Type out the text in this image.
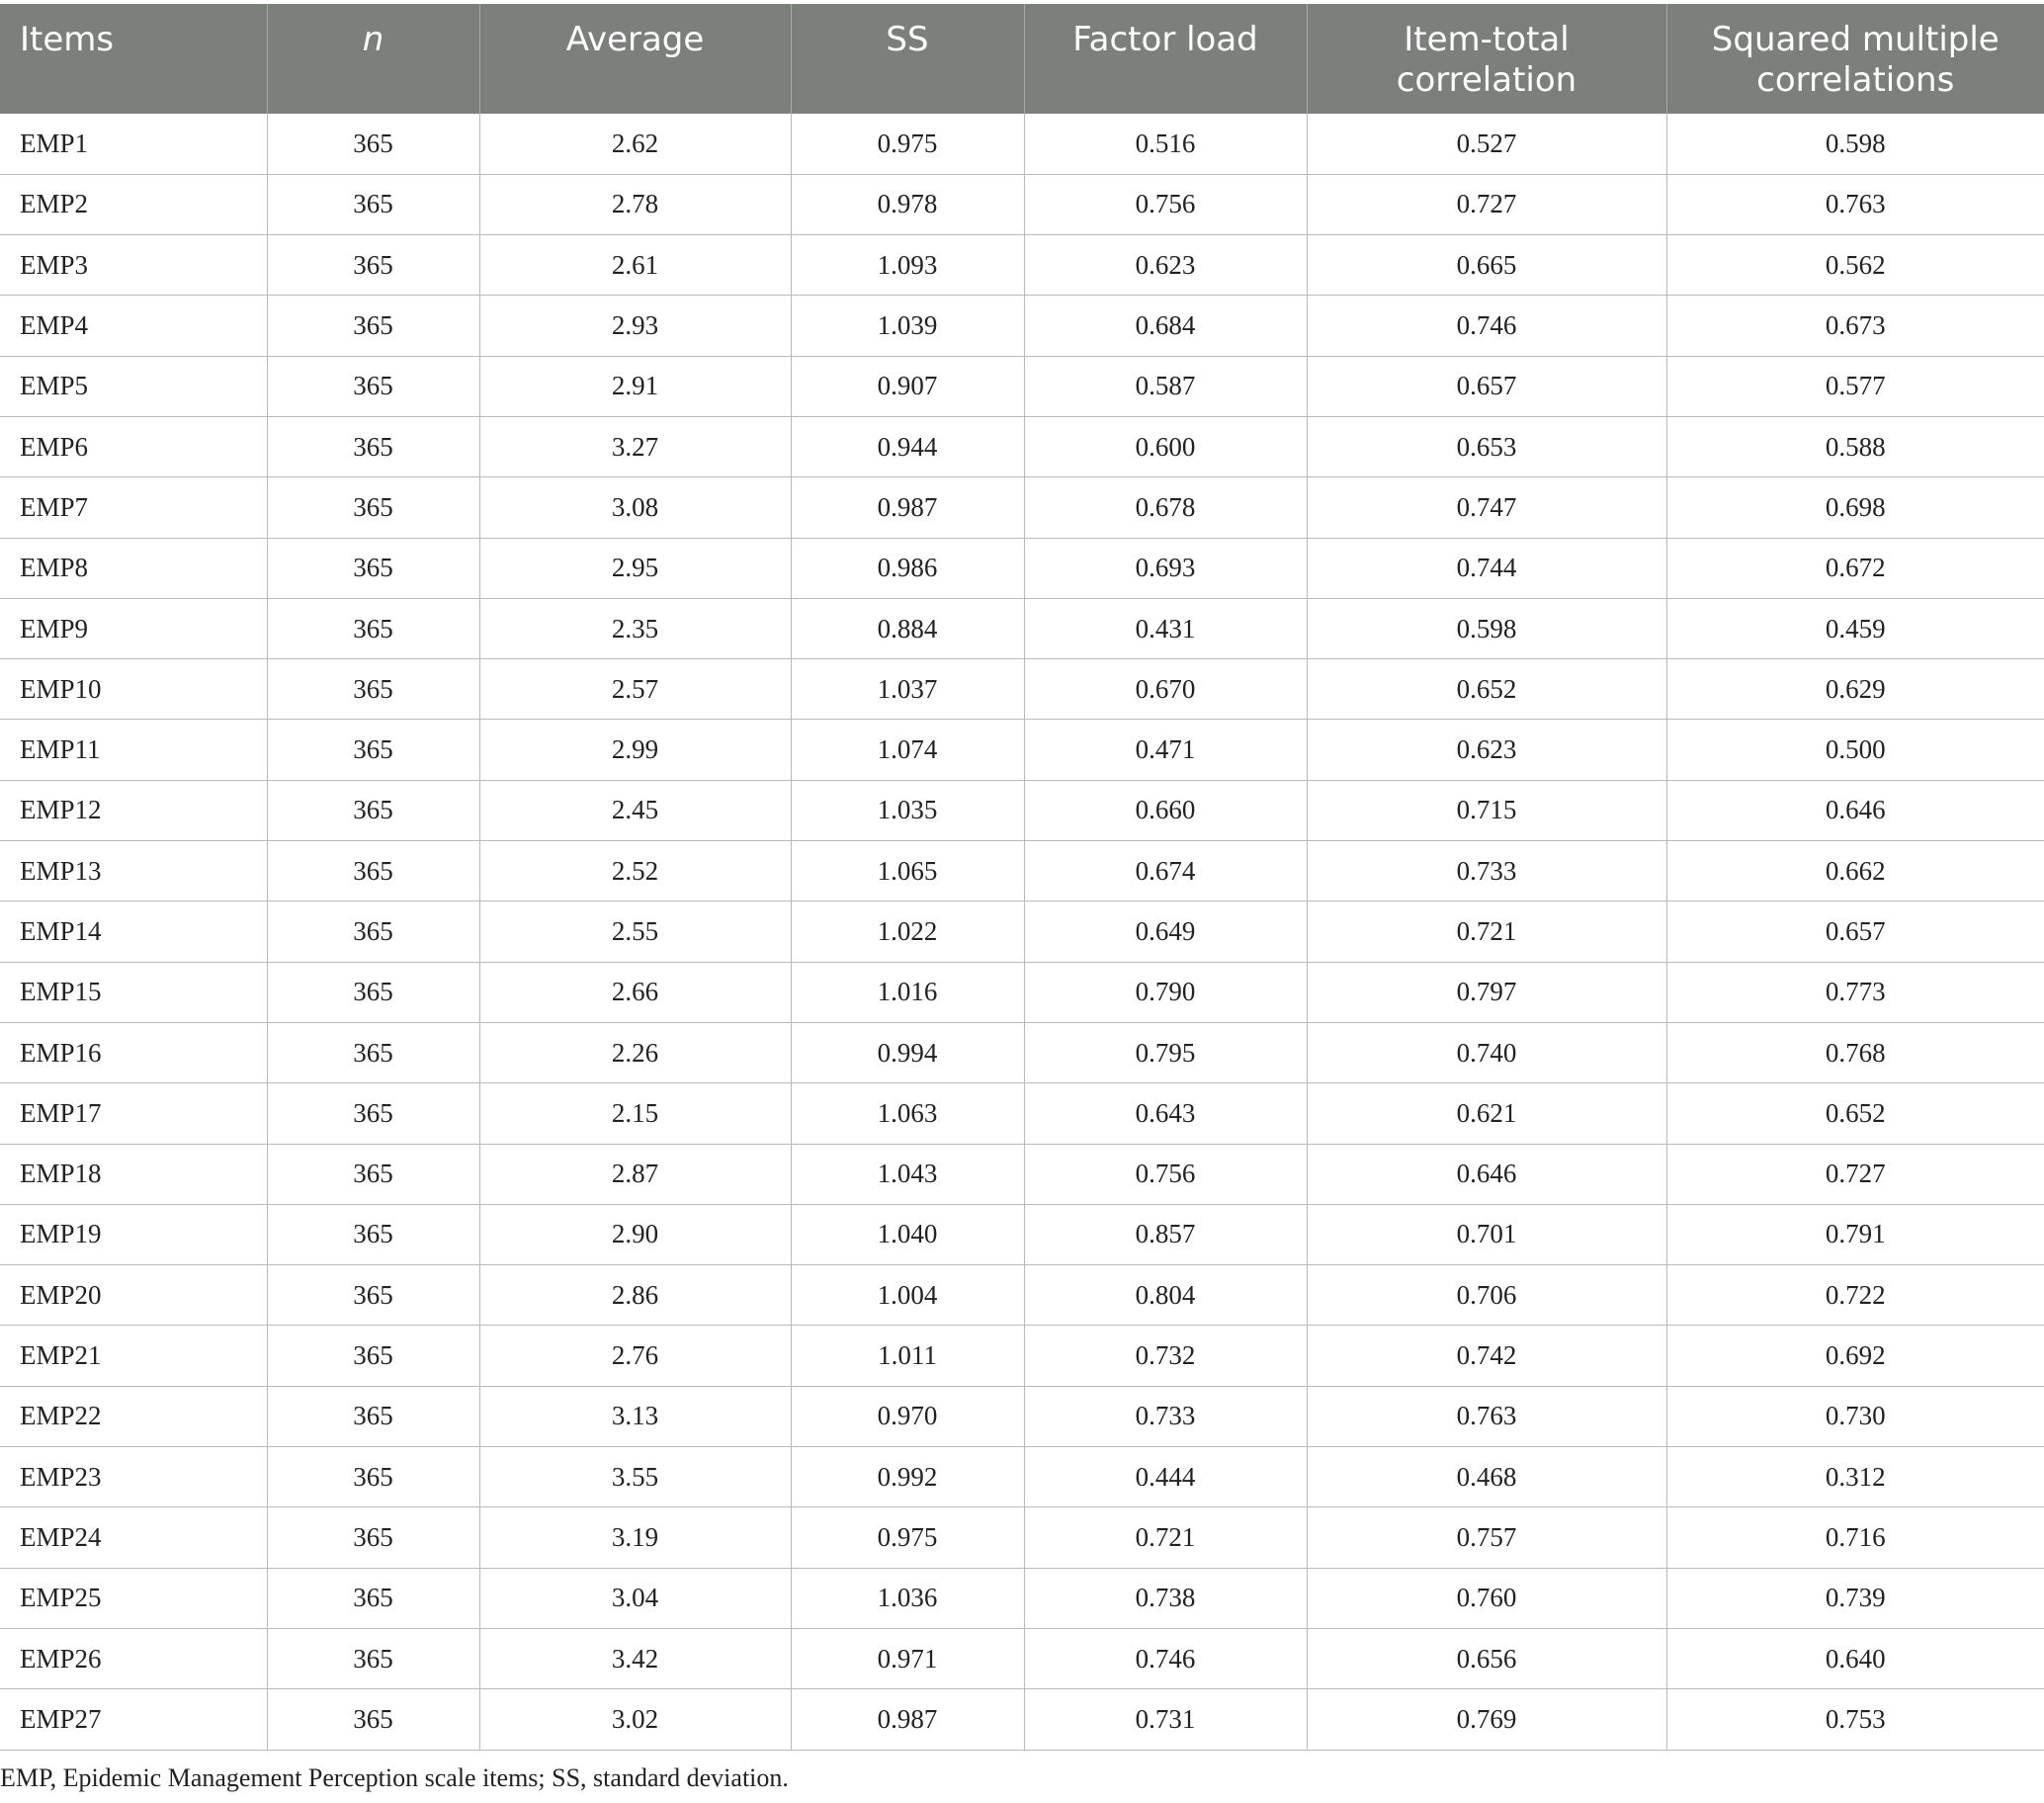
Items	n	Average	SS	Factor load	Item-total correlation	Squared multiple correlations
EMP1	365	2.62	0.975	0.516	0.527	0.598
EMP2	365	2.78	0.978	0.756	0.727	0.763
EMP3	365	2.61	1.093	0.623	0.665	0.562
EMP4	365	2.93	1.039	0.684	0.746	0.673
EMP5	365	2.91	0.907	0.587	0.657	0.577
EMP6	365	3.27	0.944	0.600	0.653	0.588
EMP7	365	3.08	0.987	0.678	0.747	0.698
EMP8	365	2.95	0.986	0.693	0.744	0.672
EMP9	365	2.35	0.884	0.431	0.598	0.459
EMP10	365	2.57	1.037	0.670	0.652	0.629
EMP11	365	2.99	1.074	0.471	0.623	0.500
EMP12	365	2.45	1.035	0.660	0.715	0.646
EMP13	365	2.52	1.065	0.674	0.733	0.662
EMP14	365	2.55	1.022	0.649	0.721	0.657
EMP15	365	2.66	1.016	0.790	0.797	0.773
EMP16	365	2.26	0.994	0.795	0.740	0.768
EMP17	365	2.15	1.063	0.643	0.621	0.652
EMP18	365	2.87	1.043	0.756	0.646	0.727
EMP19	365	2.90	1.040	0.857	0.701	0.791
EMP20	365	2.86	1.004	0.804	0.706	0.722
EMP21	365	2.76	1.011	0.732	0.742	0.692
EMP22	365	3.13	0.970	0.733	0.763	0.730
EMP23	365	3.55	0.992	0.444	0.468	0.312
EMP24	365	3.19	0.975	0.721	0.757	0.716
EMP25	365	3.04	1.036	0.738	0.760	0.739
EMP26	365	3.42	0.971	0.746	0.656	0.640
EMP27	365	3.02	0.987	0.731	0.769	0.753
EMP, Epidemic Management Perception scale items; SS, standard deviation.
